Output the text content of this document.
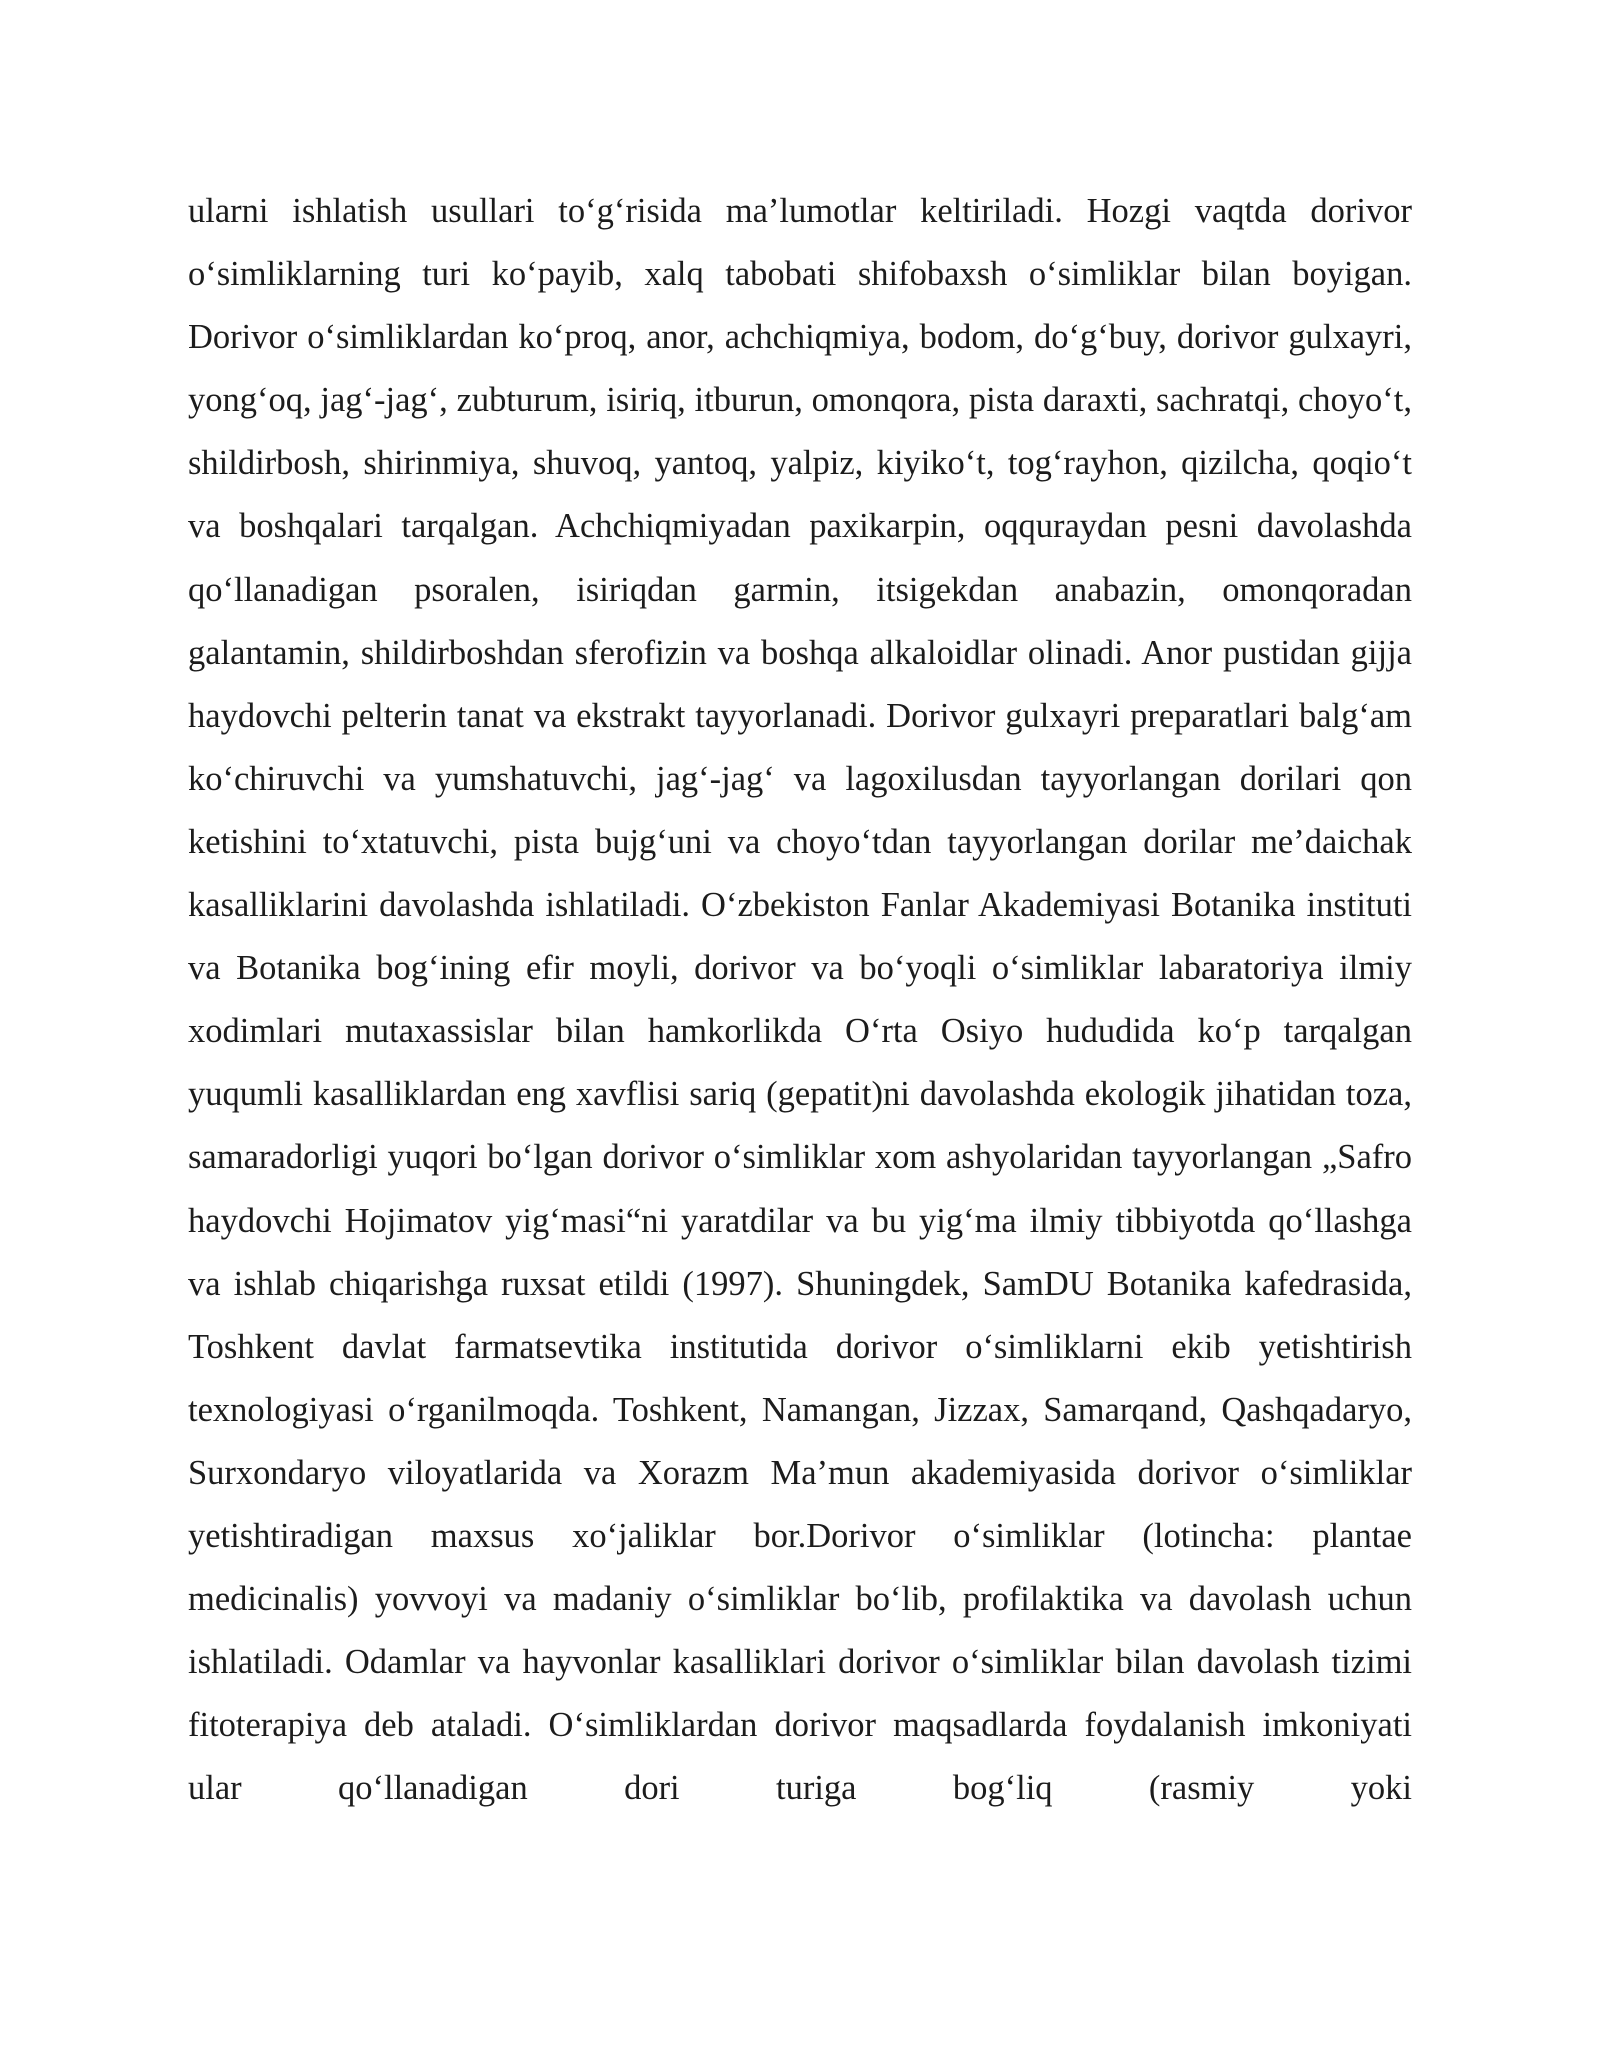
ularni ishlatish usullari to‘g‘risida ma’lumotlar keltiriladi. Hozgi vaqtda dorivor o‘simliklarning turi ko‘payib, xalq tabobati shifobaxsh o‘simliklar bilan boyigan. Dorivor o‘simliklardan ko‘proq, anor, achchiqmiya, bodom, do‘g‘buy, dorivor gulxayri, yong‘oq, jag‘-jag‘, zubturum, isiriq, itburun, omonqora, pista daraxti, sachratqi, choyo‘t, shildirbosh, shirinmiya, shuvoq, yantoq, yalpiz, kiyiko‘t, tog‘rayhon, qizilcha, qoqio‘t va boshqalari tarqalgan. Achchiqmiyadan paxikarpin, oqquraydan pesni davolashda qo‘llanadigan psoralen, isiriqdan garmin, itsigekdan anabazin, omonqoradan galantamin, shildirboshdan sferofizin va boshqa alkaloidlar olinadi. Anor pustidan gijja haydovchi pelterin tanat va ekstrakt tayyorlanadi. Dorivor gulxayri preparatlari balg‘am ko‘chiruvchi va yumshatuvchi, jag‘-jag‘ va lagoxilusdan tayyorlangan dorilari qon ketishini to‘xtatuvchi, pista bujg‘uni va choyo‘tdan tayyorlangan dorilar me’daichak kasalliklarini davolashda ishlatiladi. O‘zbekiston Fanlar Akademiyasi Botanika instituti va Botanika bog‘ining efir moyli, dorivor va bo‘yoqli o‘simliklar labaratoriya ilmiy xodimlari mutaxassislar bilan hamkorlikda O‘rta Osiyo hududida ko‘p tarqalgan yuqumli kasalliklardan eng xavflisi sariq (gepatit)ni davolashda ekologik jihatidan toza, samaradorligi yuqori bo‘lgan dorivor o‘simliklar xom ashyolaridan tayyorlangan „Safro haydovchi Hojimatov yig‘masi“ni yaratdilar va bu yig‘ma ilmiy tibbiyotda qo‘llashga va ishlab chiqarishga ruxsat etildi (1997). Shuningdek, SamDU Botanika kafedrasida, Toshkent davlat farmatsevtika institutida dorivor o‘simliklarni ekib yetishtirish texnologiyasi o‘rganilmoqda. Toshkent, Namangan, Jizzax, Samarqand, Qashqadaryo, Surxondaryo viloyatlarida va Xorazm Ma’mun akademiyasida dorivor o‘simliklar yetishtiradigan maxsus xo‘jaliklar bor.Dorivor o‘simliklar (lotincha: plantae medicinalis) yovvoyi va madaniy o‘simliklar bo‘lib, profilaktika va davolash uchun ishlatiladi. Odamlar va hayvonlar kasalliklari dorivor o‘simliklar bilan davolash tizimi fitoterapiya deb ataladi. O‘simliklardan dorivor maqsadlarda foydalanish imkoniyati ular qo‘llanadigan dori turiga bog‘liq (rasmiy yoki
